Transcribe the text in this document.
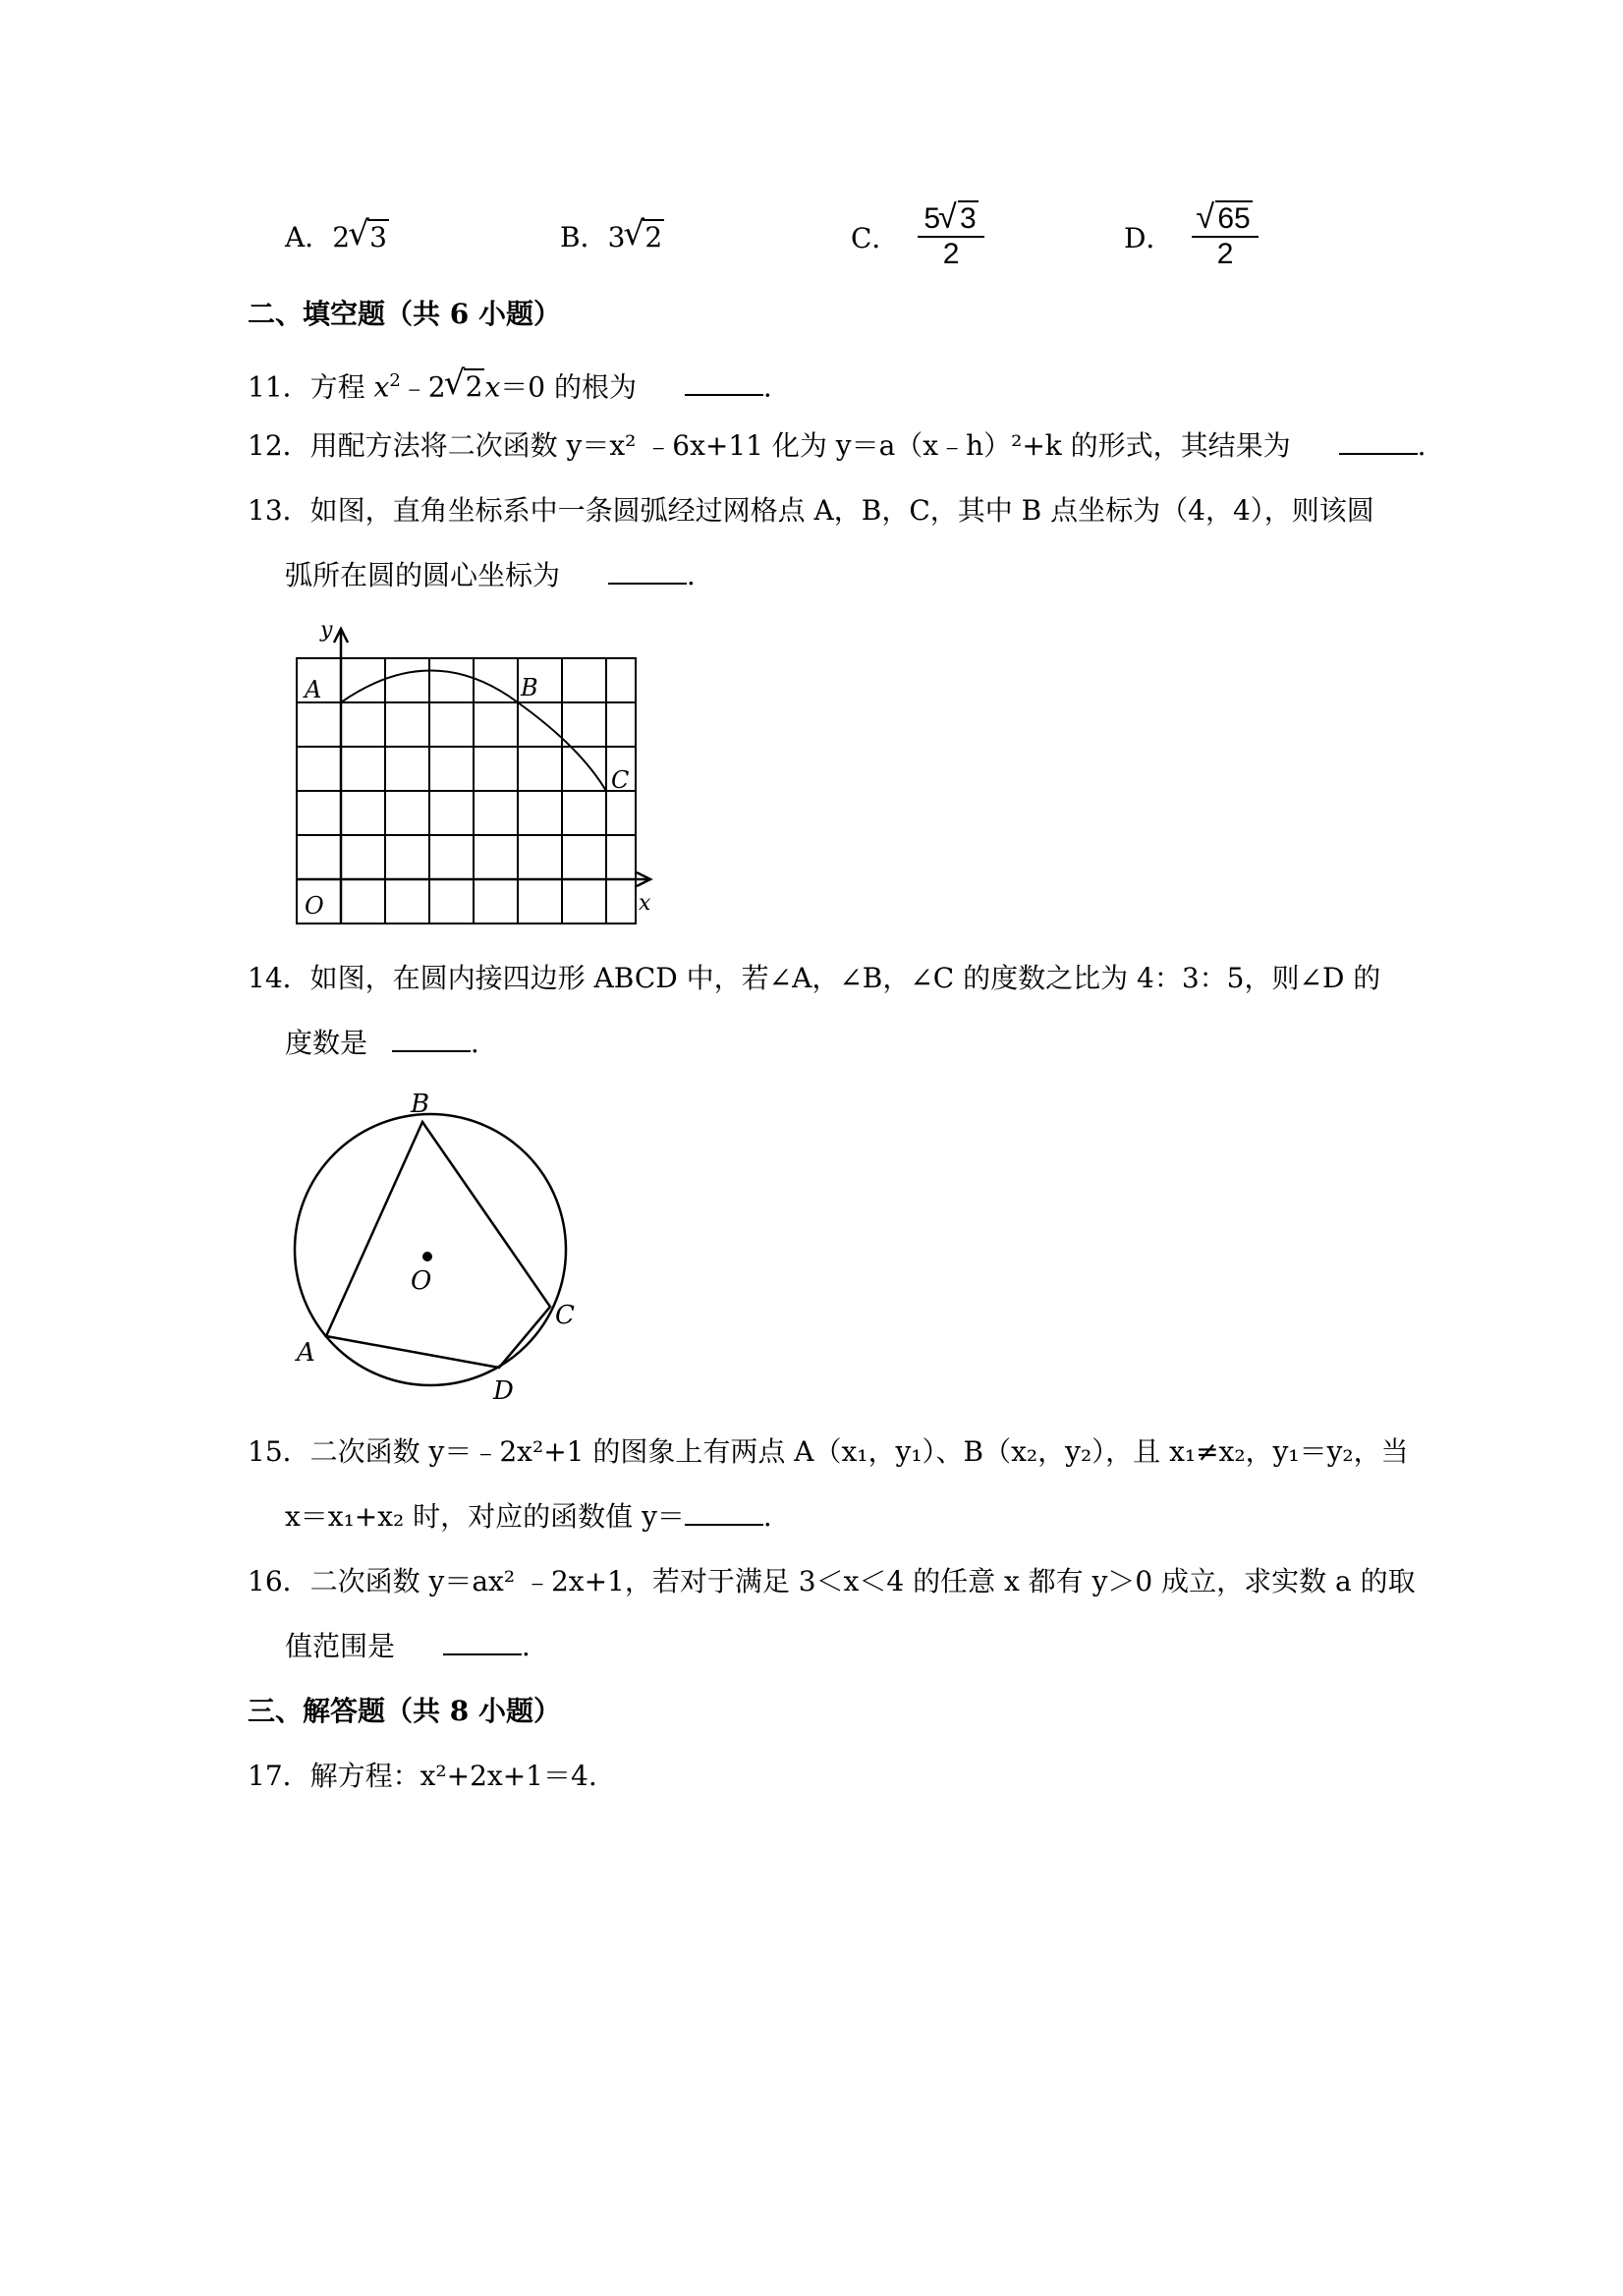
A．2√ 3	B．3√ 2	C． $\frac{5√ 3}{2}$	D．
√ $\frac{65}{2}$
二、填空题（共 6 小题）
11．方程 $x^2﹣2√$ 2x＝0 的根为	.
12．用配方法将二次函数 y＝x² ﹣6x+11 化为 y＝a（x﹣h）²+k 的形式，其结果为	.
13．如图，直角坐标系中一条圆弧经过网格点 A，B，C，其中 B 点坐标为（4，4），则该圆
弧所在圆的圆心坐标为	.
y
x
O
A	B
C
14．如图，在圆内接四边形 ABCD 中，若∠A，∠B，∠C 的度数之比为 4：3：5，则∠D 的
度数是	.
B
C
D
A
O
15．二次函数 y＝﹣2x²+1 的图象上有两点 A（x₁，y₁）、B（x₂，y₂），且 x₁≠x₂，y₁＝y₂，当
x＝x₁+x₂ 时，对应的函数值 y＝	.
16．二次函数 y＝ax² ﹣2x+1，若对于满足 3＜x＜4 的任意 x 都有 y＞0 成立，求实数 a 的取
值范围是	.
三、解答题（共 8 小题）
17．解方程：x²+2x+1＝4.
